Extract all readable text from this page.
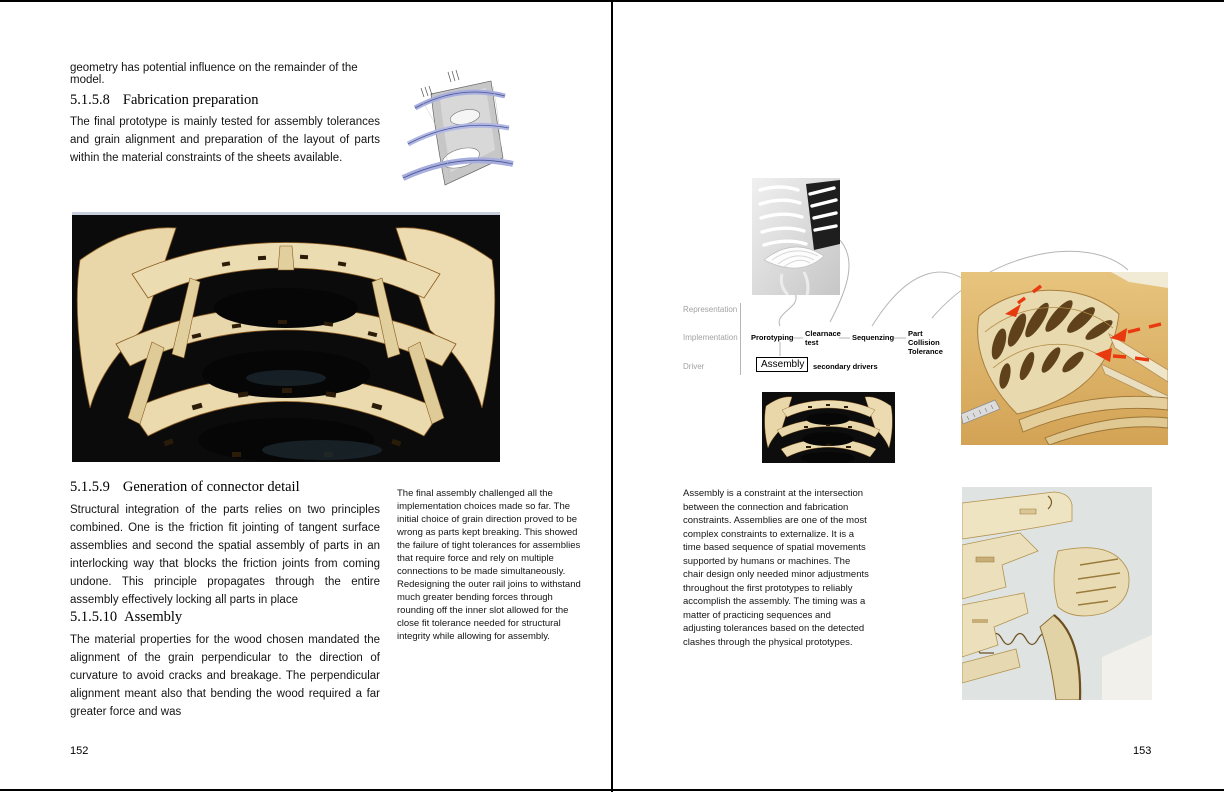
geometry has potential influence on the remainder of the model.
5.1.5.8 Fabrication preparation
The final prototype is mainly tested for assembly tolerances and grain alignment and preparation of the layout of parts within the material constraints of the sheets available.
5.1.5.9 Generation of connector detail
Structural integration of the parts relies on two principles combined. One is the friction fit jointing of tangent surface assemblies and second the spatial assembly of parts in an interlocking way that blocks the friction joints from coming undone. This principle propagates through the entire assembly effectively locking all parts in place
5.1.5.10 Assembly
The material properties for the wood chosen mandated the alignment of the grain perpendicular to the direction of curvature to avoid cracks and breakage. The perpendicular alignment meant also that bending the wood required a far greater force and was
The final assembly challenged all the implementation choices made so far. The initial choice of grain direction proved to be wrong as parts kept breaking. This showed the failure of tight tolerances for assemblies that require force and rely on multiple connections to be made simultaneously. Redesigning the outer rail joins to withstand much greater bending forces through rounding off the inner slot allowed for the close fit tolerance needed for structural integrity while allowing for assembly.
152
Representation
Implementation
Driver
Prorotyping Clearnace test
Sequenzing Part Collision Tolerance
Assembly secondary drivers
Assembly is a constraint at the intersection between the connection and fabrication constraints. Assemblies are one of the most complex constraints to externalize. It is a time based sequence of spatial movements supported by humans or machines. The chair design only needed minor adjustments throughout the first prototypes to reliably accomplish the assembly. The timing was a matter of practicing sequences and adjusting tolerances based on the detected clashes through the physical prototypes.
153
